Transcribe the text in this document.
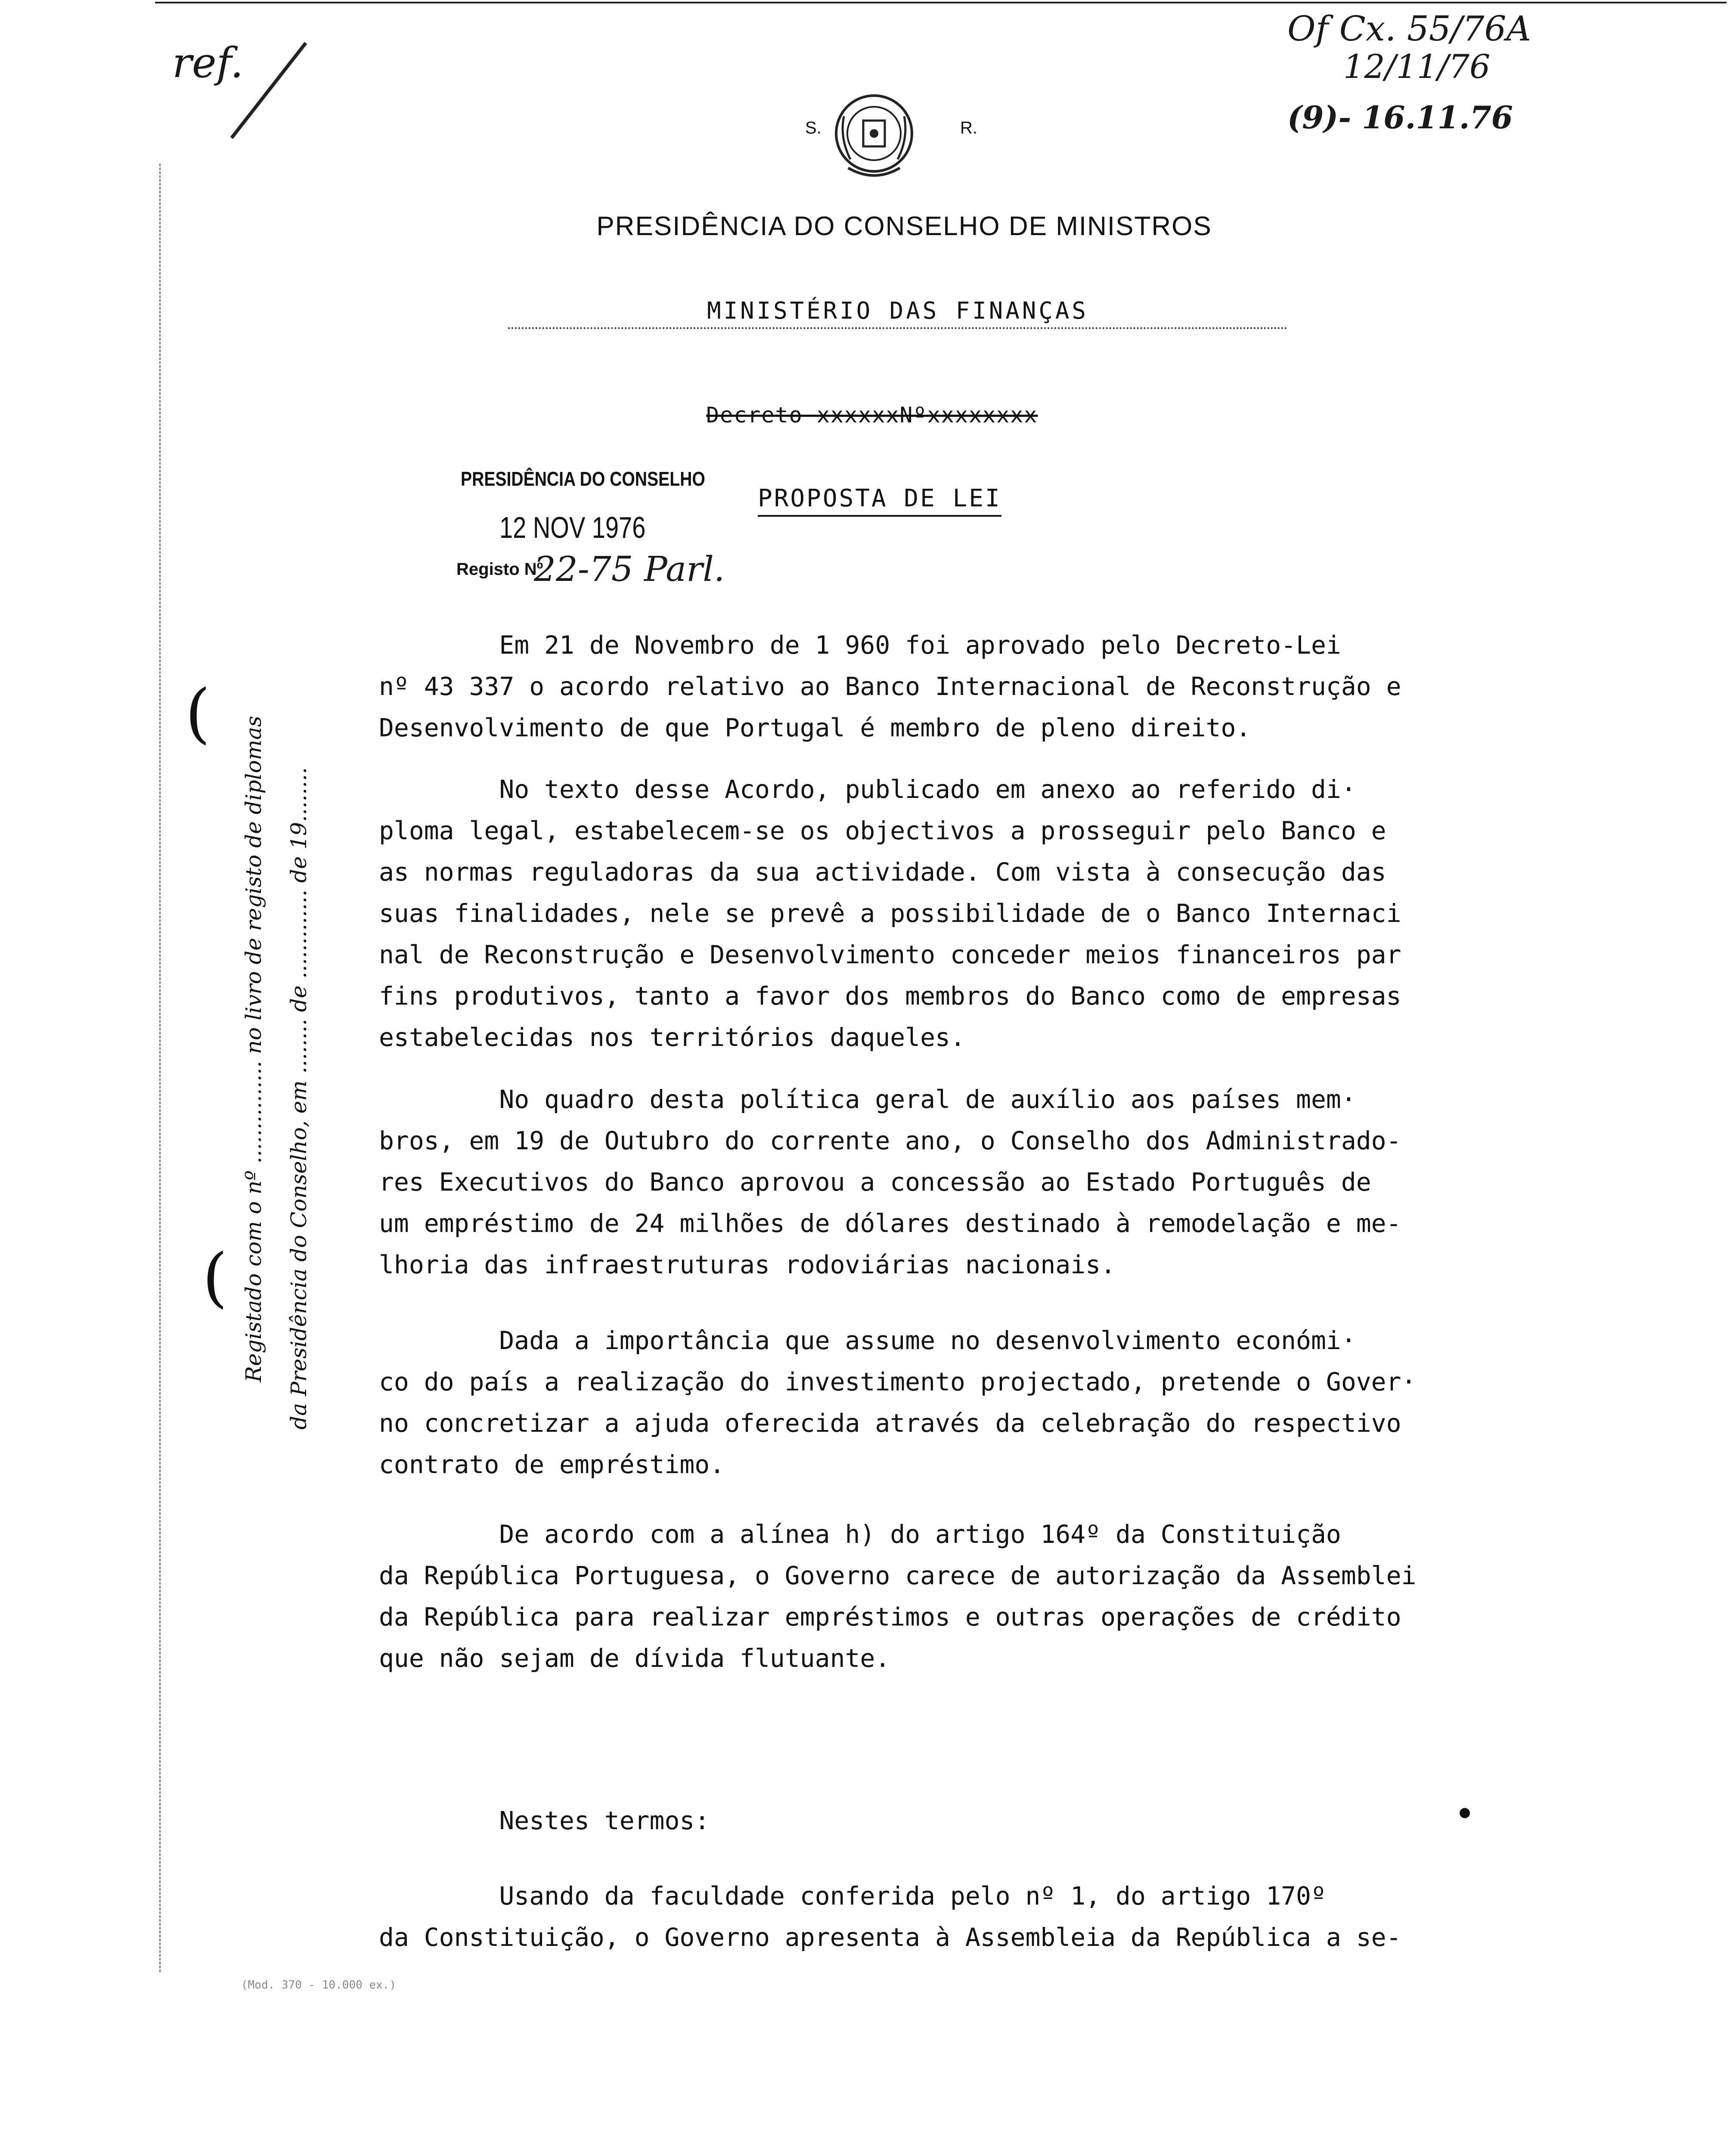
Of Cx. 55/76A
12/11/76
(9)- 16.11.76
ref.
S.	R.
PRESIDÊNCIA DO CONSELHO DE MINISTROS
MINISTÉRIO DAS FINANÇAS
Decreto xxxxxxNºxxxxxxxx
PRESIDÊNCIA DO CONSELHO
12 NOV 1976
Registo Nº
22-75 Parl.
PROPOSTA DE LEI
Em 21 de Novembro de 1 960 foi aprovado pelo Decreto-Lei
nº 43 337 o acordo relativo ao Banco Internacional de Reconstrução e
Desenvolvimento de que Portugal é membro de pleno direito.
No texto desse Acordo, publicado em anexo ao referido di·
ploma legal, estabelecem-se os objectivos a prosseguir pelo Banco e
as normas reguladoras da sua actividade. Com vista à consecução das
suas finalidades, nele se prevê a possibilidade de o Banco Internaci
nal de Reconstrução e Desenvolvimento conceder meios financeiros par
fins produtivos, tanto a favor dos membros do Banco como de empresas
estabelecidas nos territórios daqueles.
No quadro desta política geral de auxílio aos países mem·
bros, em 19 de Outubro do corrente ano, o Conselho dos Administrado-
res Executivos do Banco aprovou a concessão ao Estado Português de
um empréstimo de 24 milhões de dólares destinado à remodelação e me-
lhoria das infraestruturas rodoviárias nacionais.
Dada a importância que assume no desenvolvimento económi·
co do país a realização do investimento projectado, pretende o Gover·
no concretizar a ajuda oferecida através da celebração do respectivo
contrato de empréstimo.
De acordo com a alínea h) do artigo 164º da Constituição
da República Portuguesa, o Governo carece de autorização da Assemblei
da República para realizar empréstimos e outras operações de crédito
que não sejam de dívida flutuante.
●
Nestes termos:
Usando da faculdade conferida pelo nº 1, do artigo 170º
da Constituição, o Governo apresenta à Assembleia da República a se-
(
Registado com o nº ............... no livro de registo de diplomas da Presidência do Conselho, em ........ de ............. de 19........
(
(Mod. 370 - 10.000 ex.)
